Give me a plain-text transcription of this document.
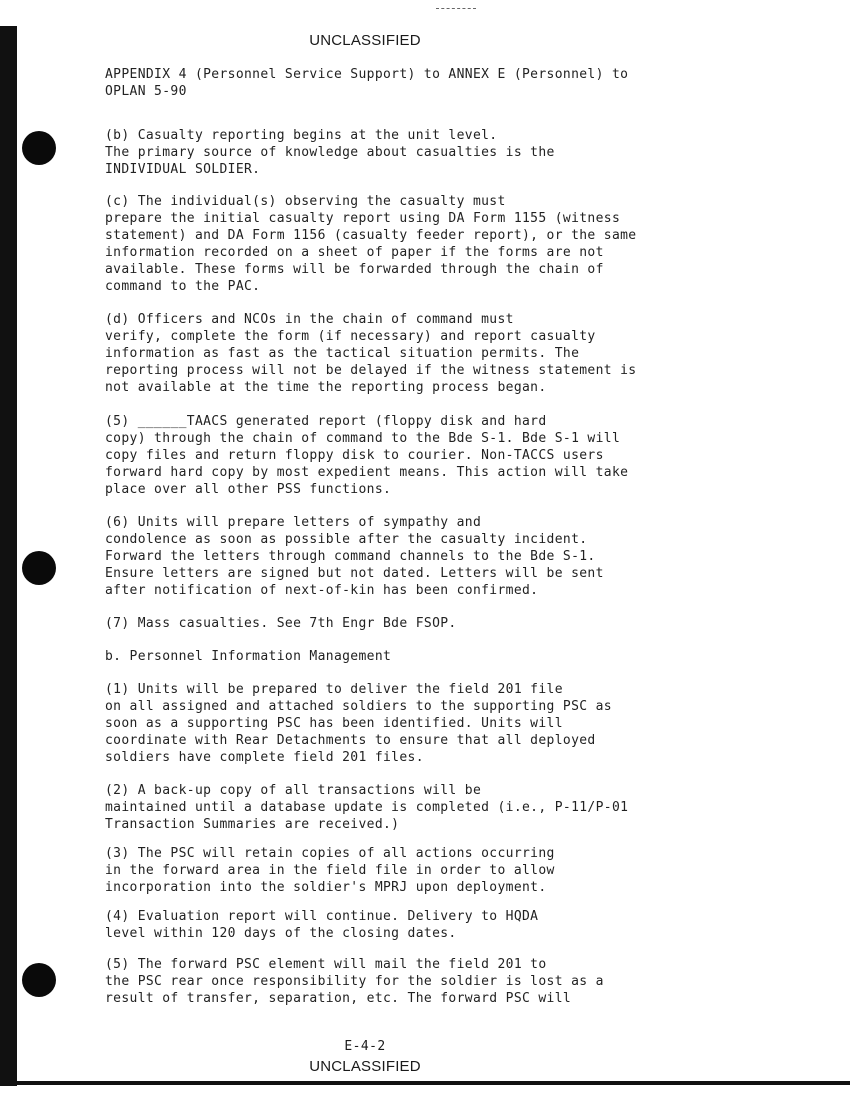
UNCLASSIFIED
APPENDIX 4 (Personnel Service Support) to ANNEX E (Personnel) to
OPLAN 5-90
(b) Casualty reporting begins at the unit level.
The primary source of knowledge about casualties is the
INDIVIDUAL SOLDIER.
(c) The individual(s) observing the casualty must
prepare the initial casualty report using DA Form 1155 (witness
statement) and DA Form 1156 (casualty feeder report), or the same
information recorded on a sheet of paper if the forms are not
available. These forms will be forwarded through the chain of
command to the PAC.
(d) Officers and NCOs in the chain of command must
verify, complete the form (if necessary) and report casualty
information as fast as the tactical situation permits. The
reporting process will not be delayed if the witness statement is
not available at the time the reporting process began.
(5) ______TAACS generated report (floppy disk and hard
copy) through the chain of command to the Bde S-1. Bde S-1 will
copy files and return floppy disk to courier. Non-TACCS users
forward hard copy by most expedient means. This action will take
place over all other PSS functions.
(6) Units will prepare letters of sympathy and
condolence as soon as possible after the casualty incident.
Forward the letters through command channels to the Bde S-1.
Ensure letters are signed but not dated. Letters will be sent
after notification of next-of-kin has been confirmed.
(7) Mass casualties. See 7th Engr Bde FSOP.
b. Personnel Information Management
(1) Units will be prepared to deliver the field 201 file
on all assigned and attached soldiers to the supporting PSC as
soon as a supporting PSC has been identified. Units will
coordinate with Rear Detachments to ensure that all deployed
soldiers have complete field 201 files.
(2) A back-up copy of all transactions will be
maintained until a database update is completed (i.e., P-11/P-01
Transaction Summaries are received.)
(3) The PSC will retain copies of all actions occurring
in the forward area in the field file in order to allow
incorporation into the soldier's MPRJ upon deployment.
(4) Evaluation report will continue. Delivery to HQDA
level within 120 days of the closing dates.
(5) The forward PSC element will mail the field 201 to
the PSC rear once responsibility for the soldier is lost as a
result of transfer, separation, etc. The forward PSC will
E-4-2
UNCLASSIFIED
